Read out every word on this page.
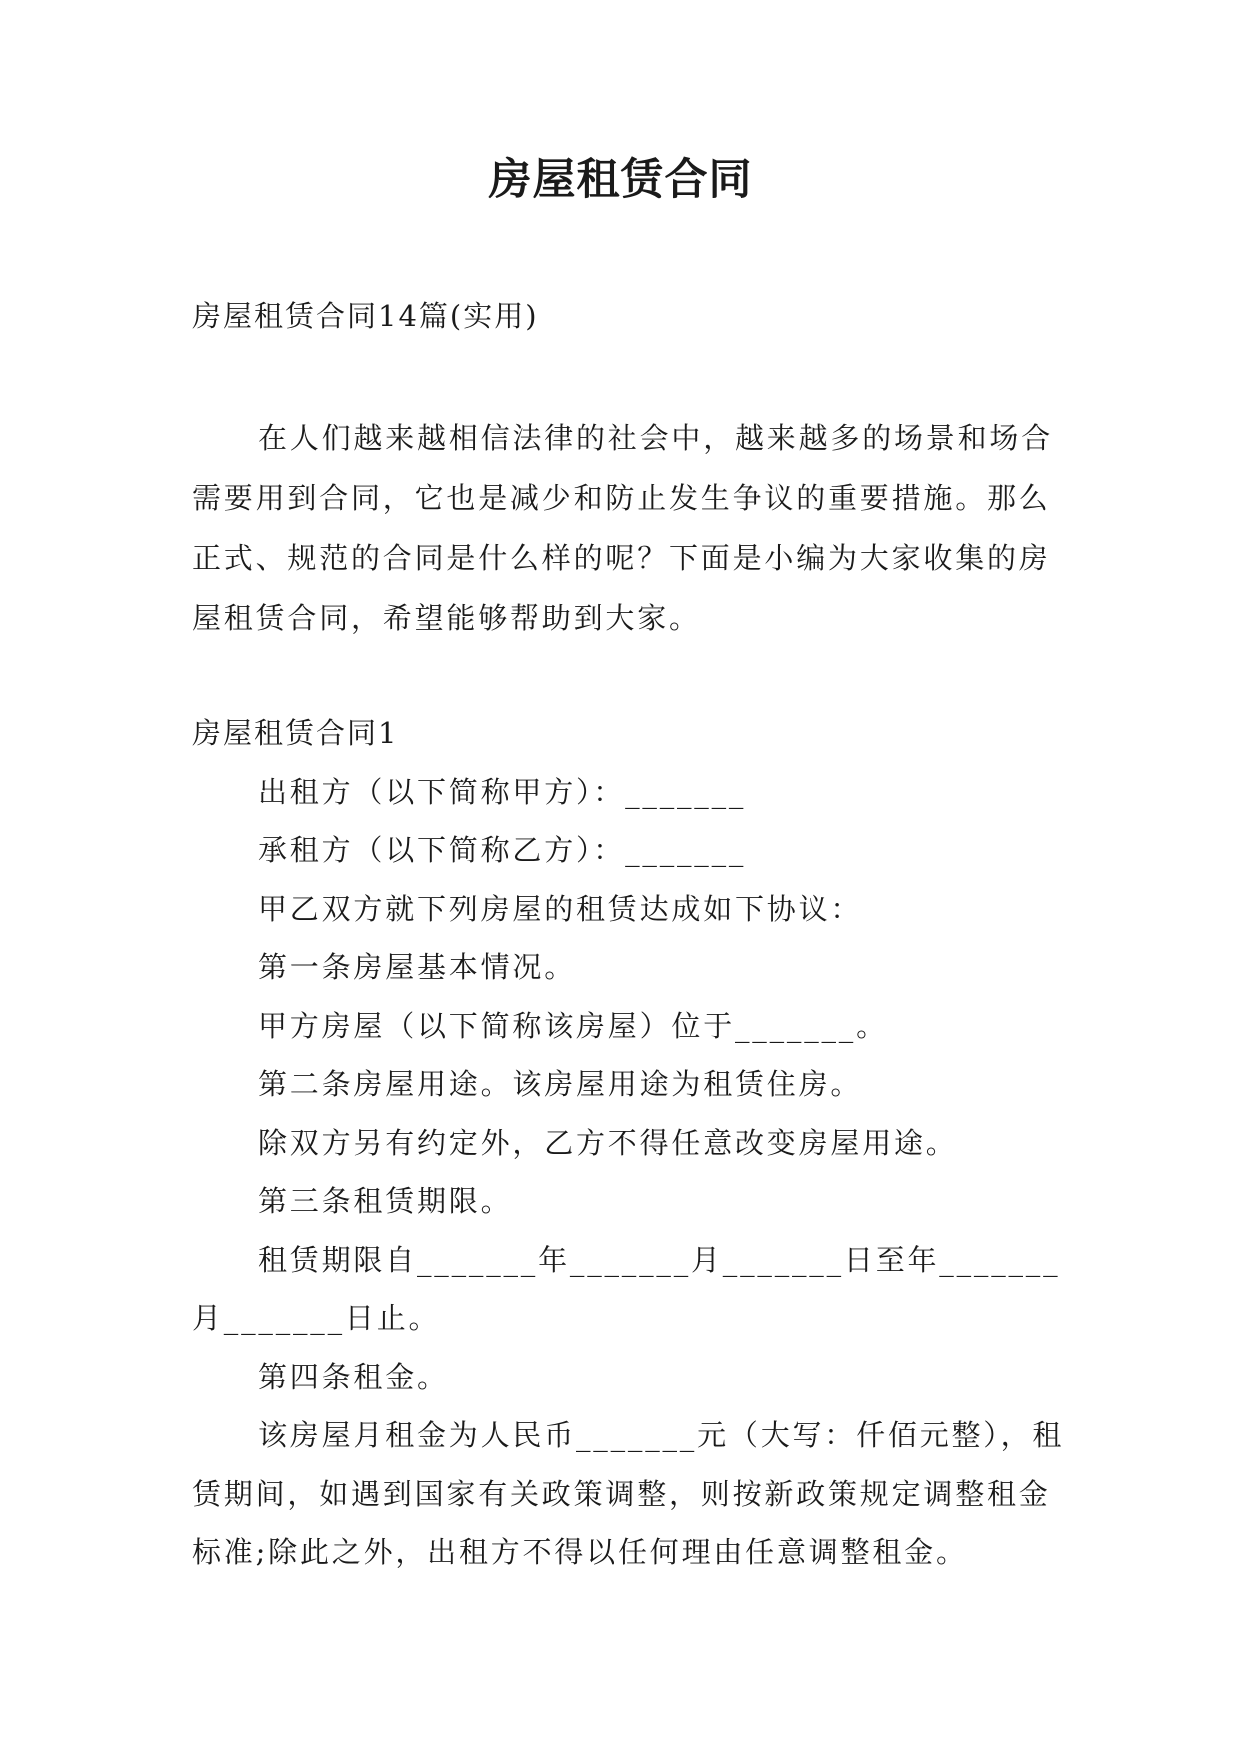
房屋租赁合同

房屋租赁合同14篇(实用)

在人们越来越相信法律的社会中，越来越多的场景和场合需要用到合同，它也是减少和防止发生争议的重要措施。那么正式、规范的合同是什么样的呢？下面是小编为大家收集的房屋租赁合同，希望能够帮助到大家。

房屋租赁合同1

出租方（以下简称甲方）：_______

承租方（以下简称乙方）：_______

甲乙双方就下列房屋的租赁达成如下协议：

第一条房屋基本情况。

甲方房屋（以下简称该房屋）位于_______。

第二条房屋用途。该房屋用途为租赁住房。

除双方另有约定外，乙方不得任意改变房屋用途。

第三条租赁期限。

租赁期限自_______年_______月_______日至年_______月_______日止。

第四条租金。

该房屋月租金为人民币_______元（大写：仟佰元整），租赁期间，如遇到国家有关政策调整，则按新政策规定调整租金标准;除此之外，出租方不得以任何理由任意调整租金。
